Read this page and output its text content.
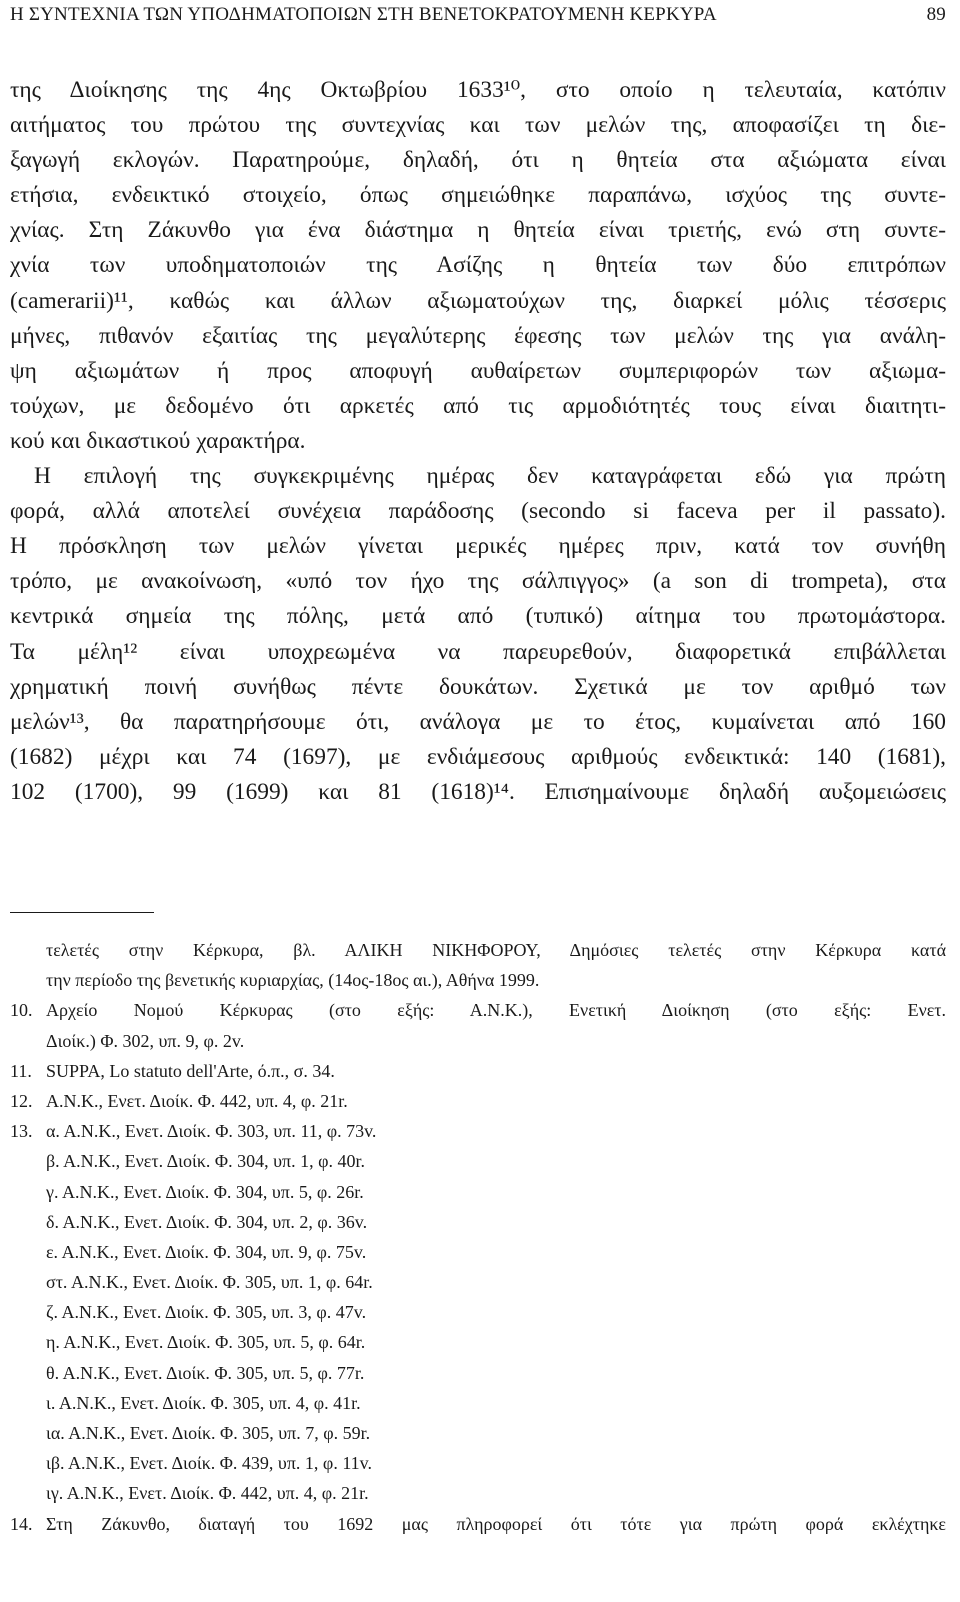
Η ΣΥΝΤΕΧΝΙΑ ΤΩΝ ΥΠΟΔΗΜΑΤΟΠΟΙΩΝ ΣΤΗ ΒΕΝΕΤΟΚΡΑΤΟΥΜΕΝΗ ΚΕΡΚΥΡΑ	89
της Διοίκησης της 4ης Οκτωβρίου 1633¹⁰, στο οποίο η τελευταία, κατόπιν
αιτήματος του πρώτου της συντεχνίας και των μελών της, αποφασίζει τη διε-
ξαγωγή εκλογών. Παρατηρούμε, δηλαδή, ότι η θητεία στα αξιώματα είναι
ετήσια, ενδεικτικό στοιχείο, όπως σημειώθηκε παραπάνω, ισχύος της συντε-
χνίας. Στη Ζάκυνθο για ένα διάστημα η θητεία είναι τριετής, ενώ στη συντε-
χνία των υποδηματοποιών της Ασίζης η θητεία των δύο επιτρόπων
(camerarii)¹¹, καθώς και άλλων αξιωματούχων της, διαρκεί μόλις τέσσερις
μήνες, πιθανόν εξαιτίας της μεγαλύτερης έφεσης των μελών της για ανάλη-
ψη αξιωμάτων ή προς αποφυγή αυθαίρετων συμπεριφορών των αξιωμα-
τούχων, με δεδομένο ότι αρκετές από τις αρμοδιότητές τους είναι διαιτητι-
κού και δικαστικού χαρακτήρα.
Η επιλογή της συγκεκριμένης ημέρας δεν καταγράφεται εδώ για πρώτη
φορά, αλλά αποτελεί συνέχεια παράδοσης (secondo si faceva per il passato).
Η πρόσκληση των μελών γίνεται μερικές ημέρες πριν, κατά τον συνήθη
τρόπο, με ανακοίνωση, «υπό τον ήχο της σάλπιγγος» (a son di trompeta), στα
κεντρικά σημεία της πόλης, μετά από (τυπικό) αίτημα του πρωτομάστορα.
Τα μέλη¹² είναι υποχρεωμένα να παρευρεθούν, διαφορετικά επιβάλλεται
χρηματική ποινή συνήθως πέντε δουκάτων. Σχετικά με τον αριθμό των
μελών¹³, θα παρατηρήσουμε ότι, ανάλογα με το έτος, κυμαίνεται από 160
(1682) μέχρι και 74 (1697), με ενδιάμεσους αριθμούς ενδεικτικά: 140 (1681),
102 (1700), 99 (1699) και 81 (1618)¹⁴. Επισημαίνουμε δηλαδή αυξομειώσεις
τελετές στην Κέρκυρα, βλ. ΑΛΙΚΗ ΝΙΚΗΦΟΡΟΥ, Δημόσιες τελετές στην Κέρκυρα κατά
την περίοδο της βενετικής κυριαρχίας, (14ος-18ος αι.), Αθήνα 1999.
10. Αρχείο Νομού Κέρκυρας (στο εξής: Α.Ν.Κ.), Ενετική Διοίκηση (στο εξής: Ενετ.
Διοίκ.) Φ. 302, υπ. 9, φ. 2v.
11. SUPPA, Lo statuto dell'Arte, ό.π., σ. 34.
12. Α.Ν.Κ., Ενετ. Διοίκ. Φ. 442, υπ. 4, φ. 21r.
13. α. Α.Ν.Κ., Ενετ. Διοίκ. Φ. 303, υπ. 11, φ. 73v.
β. Α.Ν.Κ., Ενετ. Διοίκ. Φ. 304, υπ. 1, φ. 40r.
γ. Α.Ν.Κ., Ενετ. Διοίκ. Φ. 304, υπ. 5, φ. 26r.
δ. Α.Ν.Κ., Ενετ. Διοίκ. Φ. 304, υπ. 2, φ. 36v.
ε. Α.Ν.Κ., Ενετ. Διοίκ. Φ. 304, υπ. 9, φ. 75v.
στ. Α.Ν.Κ., Ενετ. Διοίκ. Φ. 305, υπ. 1, φ. 64r.
ζ. Α.Ν.Κ., Ενετ. Διοίκ. Φ. 305, υπ. 3, φ. 47v.
η. Α.Ν.Κ., Ενετ. Διοίκ. Φ. 305, υπ. 5, φ. 64r.
θ. Α.Ν.Κ., Ενετ. Διοίκ. Φ. 305, υπ. 5, φ. 77r.
ι. Α.Ν.Κ., Ενετ. Διοίκ. Φ. 305, υπ. 4, φ. 41r.
ια. Α.Ν.Κ., Ενετ. Διοίκ. Φ. 305, υπ. 7, φ. 59r.
ιβ. Α.Ν.Κ., Ενετ. Διοίκ. Φ. 439, υπ. 1, φ. 11v.
ιγ. Α.Ν.Κ., Ενετ. Διοίκ. Φ. 442, υπ. 4, φ. 21r.
14. Στη Ζάκυνθο, διαταγή του 1692 μας πληροφορεί ότι τότε για πρώτη φορά εκλέχτηκε
